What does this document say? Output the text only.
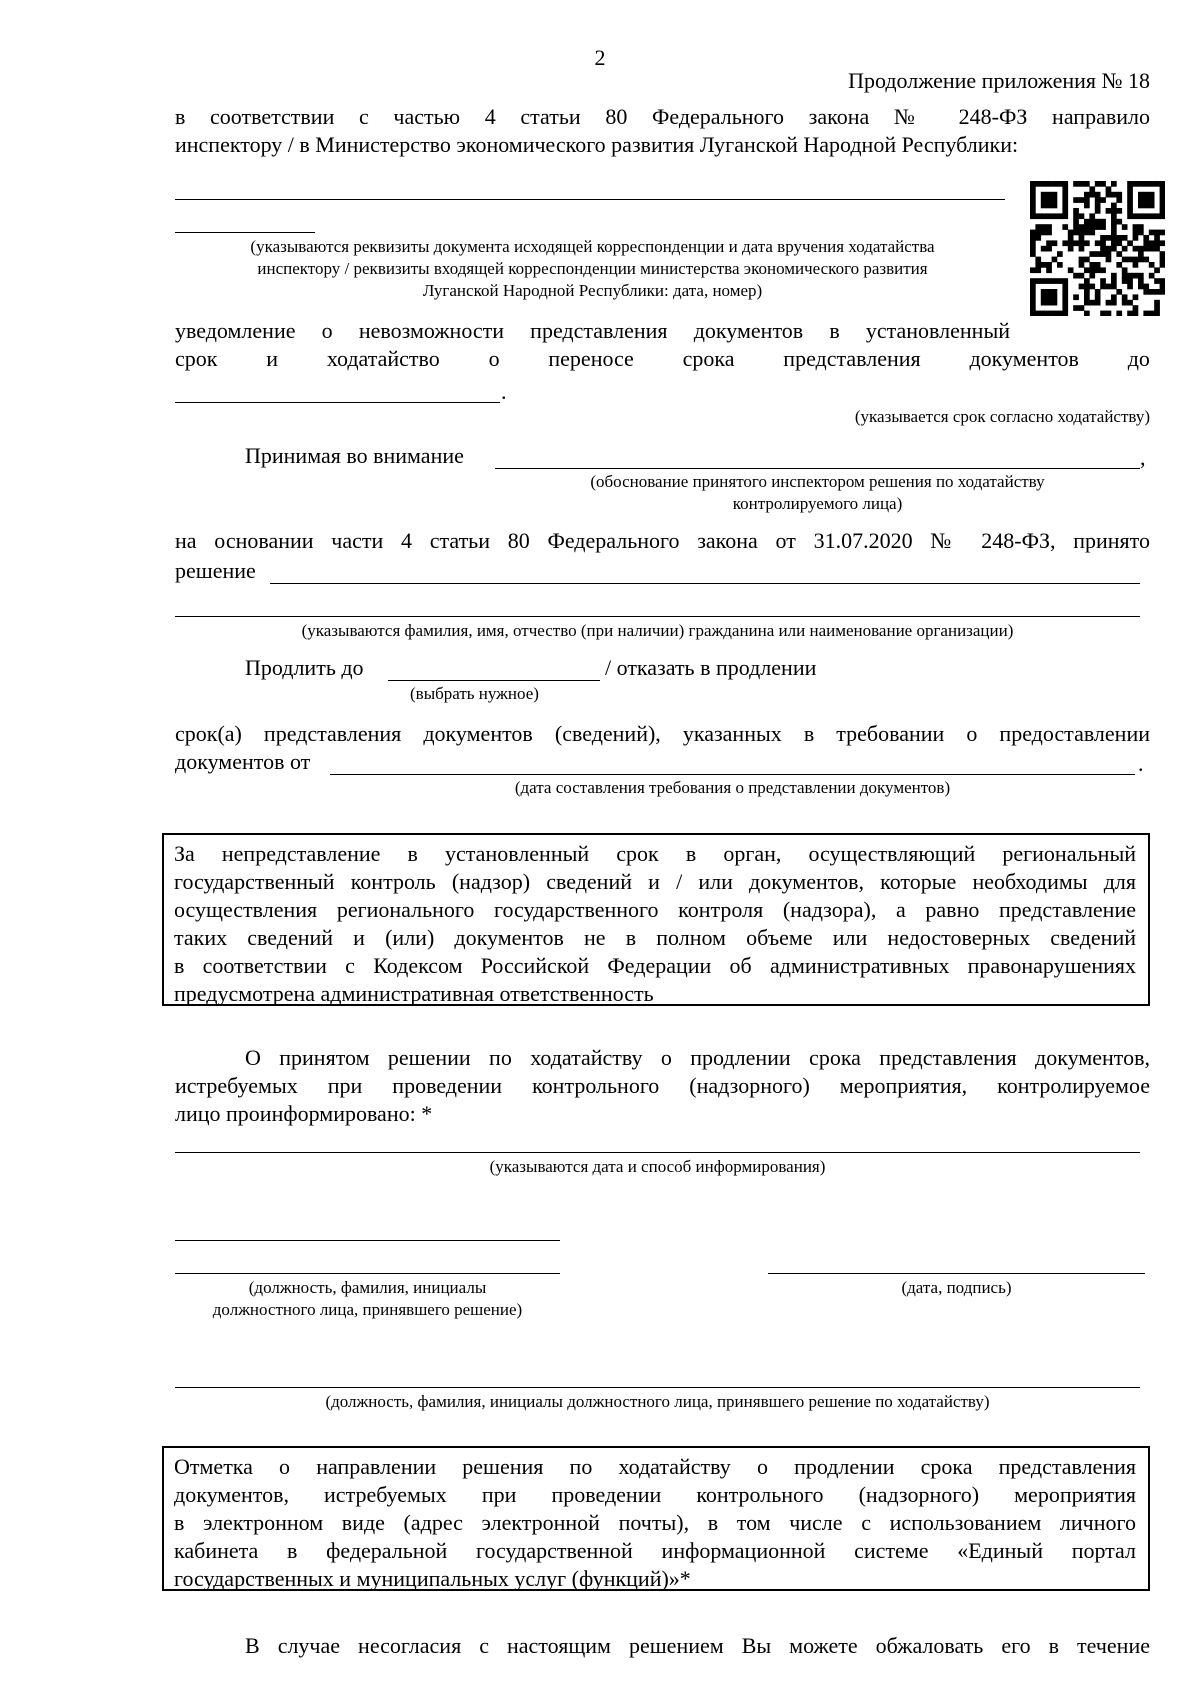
2
Продолжение приложения № 18
в соответствии с частью 4 статьи 80 Федерального закона № 248-ФЗ направило
инспектору / в Министерство экономического развития Луганской Народной Республики:
(указываются реквизиты документа исходящей корреспонденции и дата вручения ходатайства
инспектору / реквизиты входящей корреспонденции министерства экономического развития
Луганской Народной Республики: дата, номер)
уведомление о невозможности представления документов в установленный
срок и ходатайство о переносе срока представления документов до
.
(указывается срок согласно ходатайству)
Принимая во внимание	,
(обоснование принятого инспектором решения по ходатайству
контролируемого лица)
на основании части 4 статьи 80 Федерального закона от 31.07.2020 № 248-ФЗ, принято
решение
(указываются фамилия, имя, отчество (при наличии) гражданина или наименование организации)
Продлить до	/ отказать в продлении
(выбрать нужное)
срок(а) представления документов (сведений), указанных в требовании о предоставлении
документов от	.
(дата составления требования о представлении документов)
За непредставление в установленный срок в орган, осуществляющий региональный
государственный контроль (надзор) сведений и / или документов, которые необходимы для
осуществления регионального государственного контроля (надзора), а равно представление
таких сведений и (или) документов не в полном объеме или недостоверных сведений
в соответствии с Кодексом Российской Федерации об административных правонарушениях
предусмотрена административная ответственность
О принятом решении по ходатайству о продлении срока представления документов,
истребуемых при проведении контрольного (надзорного) мероприятия, контролируемое
лицо проинформировано: *
(указываются дата и способ информирования)
(должность, фамилия, инициалы
должностного лица, принявшего решение)
(дата, подпись)
(должность, фамилия, инициалы должностного лица, принявшего решение по ходатайству)
Отметка о направлении решения по ходатайству о продлении срока представления
документов, истребуемых при проведении контрольного (надзорного) мероприятия
в электронном виде (адрес электронной почты), в том числе с использованием личного
кабинета в федеральной государственной информационной системе «Единый портал
государственных и муниципальных услуг (функций)»*
В случае несогласия с настоящим решением Вы можете обжаловать его в течение
